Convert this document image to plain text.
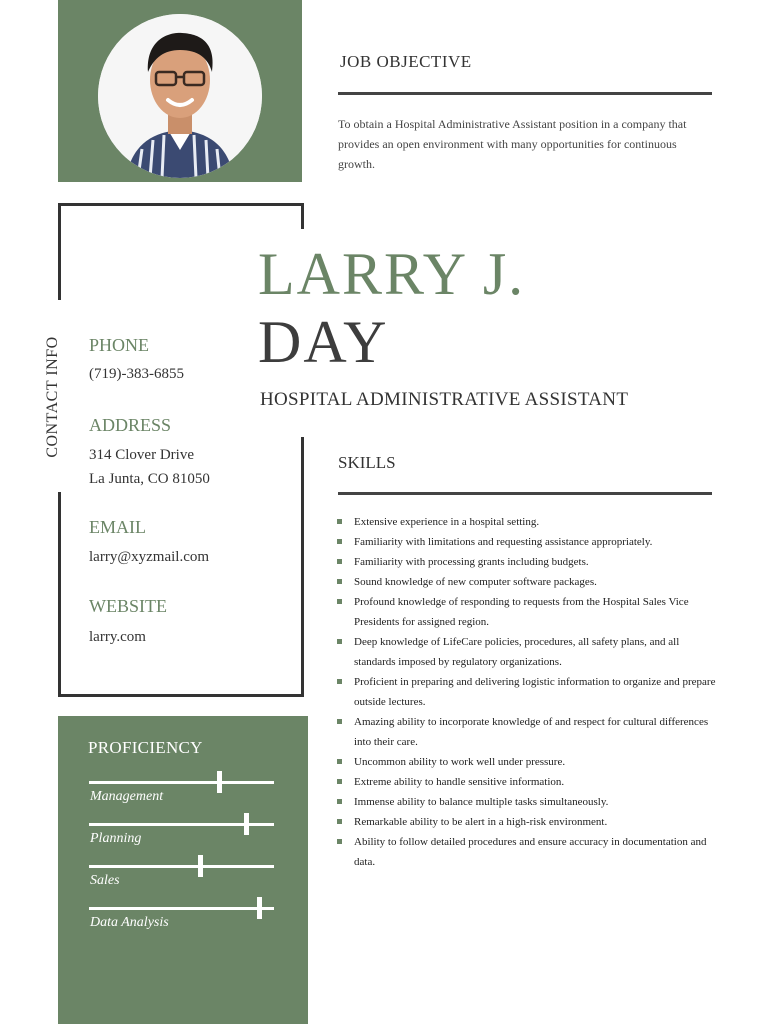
JOB OBJECTIVE
To obtain a Hospital Administrative Assistant position in a company that provides an open environment with many opportunities for continuous growth.
CONTACT INFO PHONE
(719)-383-6855
ADDRESS
314 Clover Drive
La Junta, CO 81050
EMAIL
larry@xyzmail.com
WEBSITE
larry.com
LARRY J.
DAY
HOSPITAL ADMINISTRATIVE ASSISTANT
SKILLS
Extensive experience in a hospital setting.
Familiarity with limitations and requesting assistance appropriately.
Familiarity with processing grants including budgets.
Sound knowledge of new computer software packages.
Profound knowledge of responding to requests from the Hospital Sales Vice Presidents for assigned region.
Deep knowledge of LifeCare policies, procedures, all safety plans, and all standards imposed by regulatory organizations.
Proficient in preparing and delivering logistic information to organize and prepare outside lectures.
Amazing ability to incorporate knowledge of and respect for cultural differences into their care.
Uncommon ability to work well under pressure.
Extreme ability to handle sensitive information.
Immense ability to balance multiple tasks simultaneously.
Remarkable ability to be alert in a high-risk environment.
Ability to follow detailed procedures and ensure accuracy in documentation and data.
PROFICIENCY
Management
Planning
Sales
Data Analysis
